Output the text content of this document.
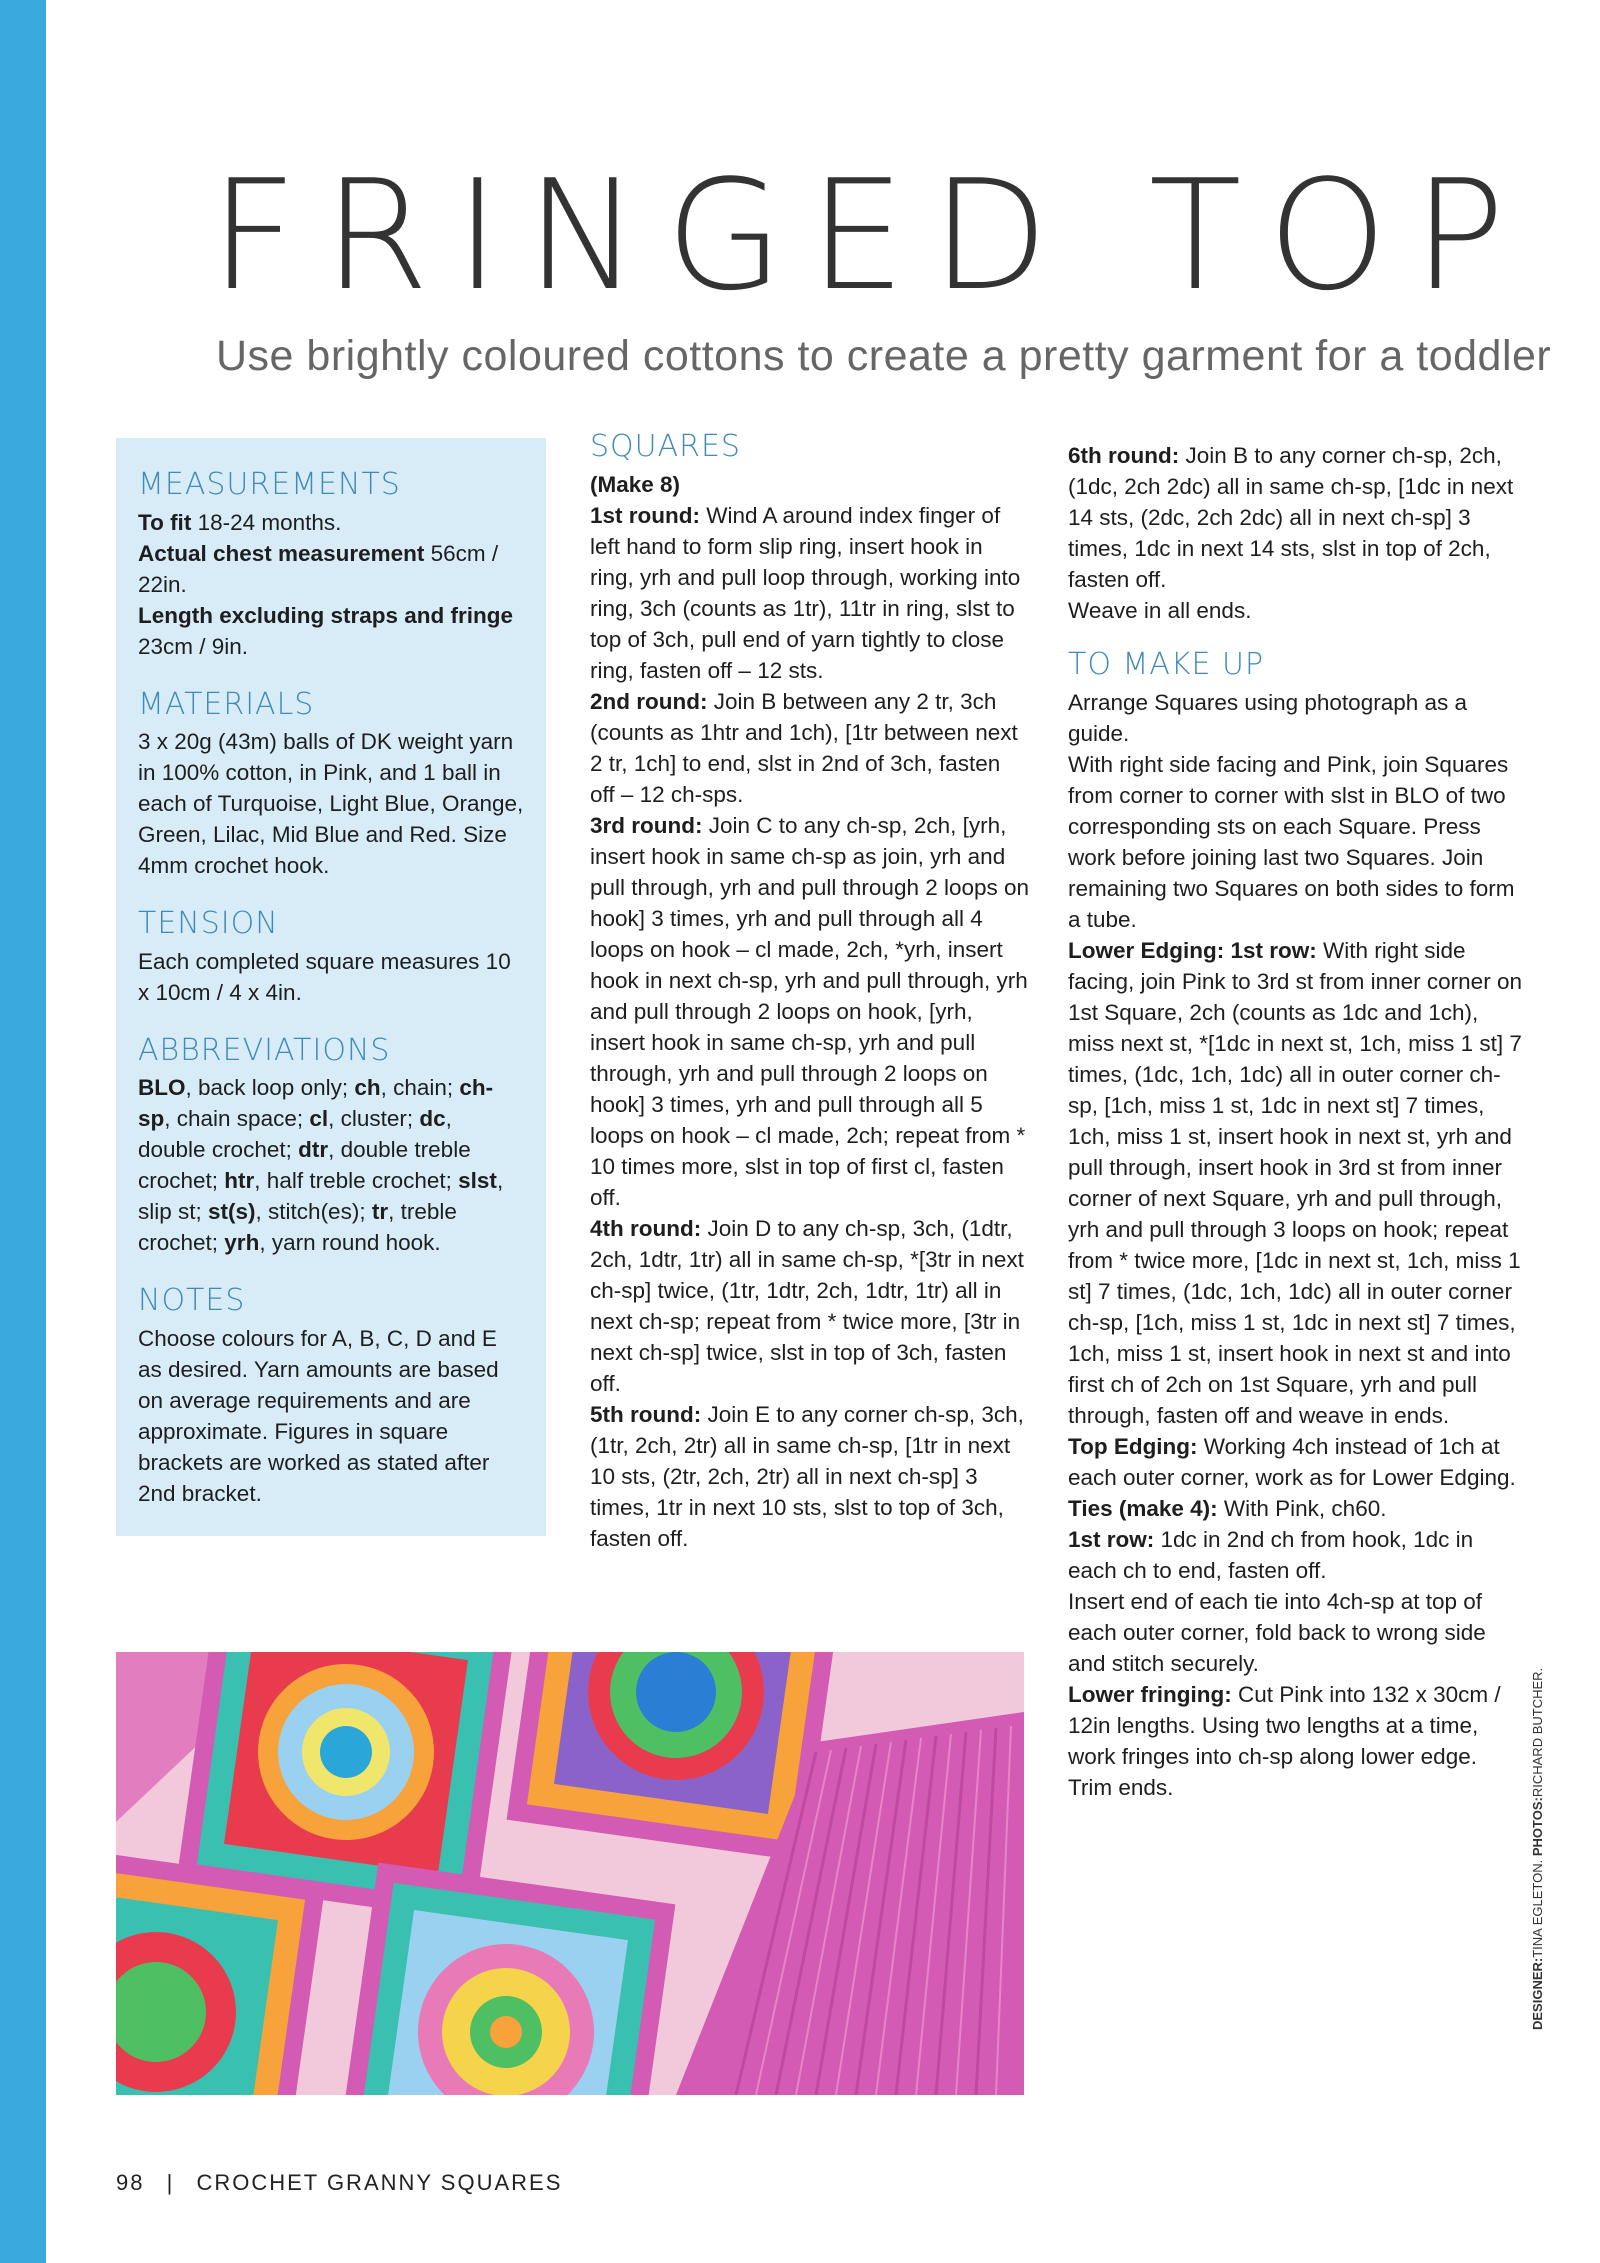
FRINGED TOP

Use brightly coloured cottons to create a pretty garment for a toddler

MEASUREMENTS

To fit 18-24 months.

Actual chest measurement 56cm / 22in.

Length excluding straps and fringe 23cm / 9in.

MATERIALS

3 x 20g (43m) balls of DK weight yarn in 100% cotton, in Pink, and 1 ball in each of Turquoise, Light Blue, Orange, Green, Lilac, Mid Blue and Red. Size 4mm crochet hook.

TENSION

Each completed square measures 10 x 10cm / 4 x 4in.

ABBREVIATIONS

BLO, back loop only; ch, chain; ch-sp, chain space; cl, cluster; dc, double crochet; dtr, double treble crochet; htr, half treble crochet; slst, slip st; st(s), stitch(es); tr, treble crochet; yrh, yarn round hook.

NOTES

Choose colours for A, B, C, D and E as desired. Yarn amounts are based on average requirements and are approximate. Figures in square brackets are worked as stated after 2nd bracket.

SQUARES

(Make 8)

1st round: Wind A around index finger of left hand to form slip ring, insert hook in ring, yrh and pull loop through, working into ring, 3ch (counts as 1tr), 11tr in ring, slst to top of 3ch, pull end of yarn tightly to close ring, fasten off – 12 sts.

2nd round: Join B between any 2 tr, 3ch (counts as 1htr and 1ch), [1tr between next 2 tr, 1ch] to end, slst in 2nd of 3ch, fasten off – 12 ch-sps.

3rd round: Join C to any ch-sp, 2ch, [yrh, insert hook in same ch-sp as join, yrh and pull through, yrh and pull through 2 loops on hook] 3 times, yrh and pull through all 4 loops on hook – cl made, 2ch, *yrh, insert hook in next ch-sp, yrh and pull through, yrh and pull through 2 loops on hook, [yrh, insert hook in same ch-sp, yrh and pull through, yrh and pull through 2 loops on hook] 3 times, yrh and pull through all 5 loops on hook – cl made, 2ch; repeat from * 10 times more, slst in top of first cl, fasten off.

4th round: Join D to any ch-sp, 3ch, (1dtr, 2ch, 1dtr, 1tr) all in same ch-sp, *[3tr in next ch-sp] twice, (1tr, 1dtr, 2ch, 1dtr, 1tr) all in next ch-sp; repeat from * twice more, [3tr in next ch-sp] twice, slst in top of 3ch, fasten off.

5th round: Join E to any corner ch-sp, 3ch, (1tr, 2ch, 2tr) all in same ch-sp, [1tr in next 10 sts, (2tr, 2ch, 2tr) all in next ch-sp] 3 times, 1tr in next 10 sts, slst to top of 3ch, fasten off.

6th round: Join B to any corner ch-sp, 2ch, (1dc, 2ch 2dc) all in same ch-sp, [1dc in next 14 sts, (2dc, 2ch 2dc) all in next ch-sp] 3 times, 1dc in next 14 sts, slst in top of 2ch, fasten off.

Weave in all ends.

TO MAKE UP

Arrange Squares using photograph as a guide.

With right side facing and Pink, join Squares from corner to corner with slst in BLO of two corresponding sts on each Square. Press work before joining last two Squares. Join remaining two Squares on both sides to form a tube.

Lower Edging: 1st row: With right side facing, join Pink to 3rd st from inner corner on 1st Square, 2ch (counts as 1dc and 1ch), miss next st, *[1dc in next st, 1ch, miss 1 st] 7 times, (1dc, 1ch, 1dc) all in outer corner ch-sp, [1ch, miss 1 st, 1dc in next st] 7 times, 1ch, miss 1 st, insert hook in next st, yrh and pull through, insert hook in 3rd st from inner corner of next Square, yrh and pull through, yrh and pull through 3 loops on hook; repeat from * twice more, [1dc in next st, 1ch, miss 1 st] 7 times, (1dc, 1ch, 1dc) all in outer corner ch-sp, [1ch, miss 1 st, 1dc in next st] 7 times, 1ch, miss 1 st, insert hook in next st and into first ch of 2ch on 1st Square, yrh and pull through, fasten off and weave in ends.

Top Edging: Working 4ch instead of 1ch at each outer corner, work as for Lower Edging.

Ties (make 4): With Pink, ch60.

1st row: 1dc in 2nd ch from hook, 1dc in each ch to end, fasten off.

Insert end of each tie into 4ch-sp at top of each outer corner, fold back to wrong side and stitch securely.

Lower fringing: Cut Pink into 132 x 30cm / 12in lengths. Using two lengths at a time, work fringes into ch-sp along lower edge. Trim ends.

DESIGNER:TINA EGLETON. PHOTOS:RICHARD BUTCHER.
98 | CROCHET GRANNY SQUARES
